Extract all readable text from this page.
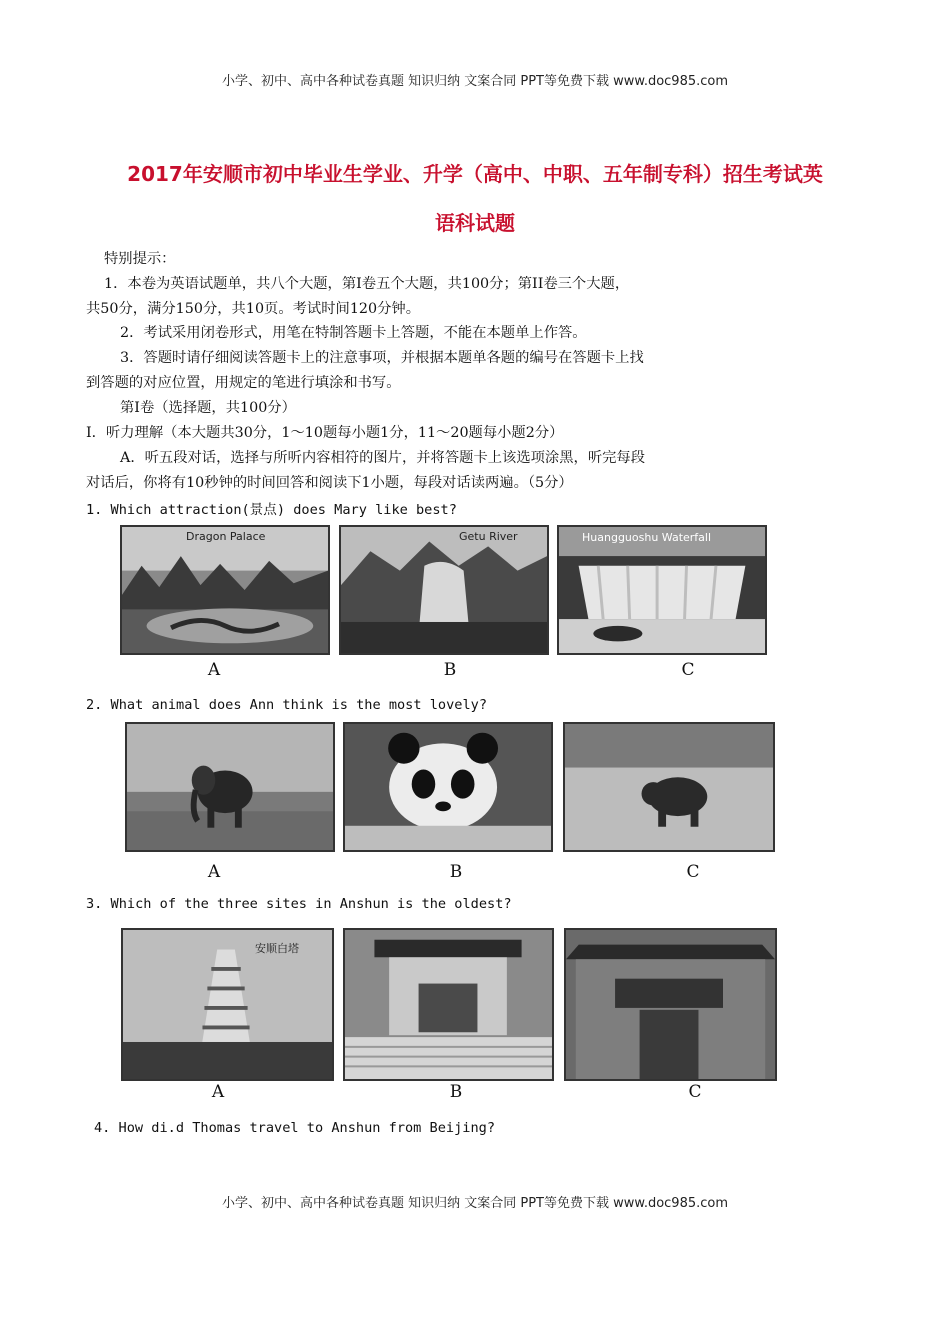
小学、初中、高中各种试卷真题 知识归纳 文案合同 PPT等免费下载 www.doc985.com
2017年安顺市初中毕业生学业、升学（高中、中职、五年制专科）招生考试英
语科试题
特别提示：
1．本卷为英语试题单，共八个大题，第I卷五个大题，共100分；第II卷三个大题，
共50分，满分150分，共10页。考试时间120分钟。
2．考试采用闭卷形式，用笔在特制答题卡上答题，不能在本题单上作答。
3．答题时请仔细阅读答题卡上的注意事项，并根据本题单各题的编号在答题卡上找
到答题的对应位置，用规定的笔进行填涂和书写。
第I卷（选择题，共100分）
I．听力理解（本大题共30分，1～10题每小题1分，11～20题每小题2分）
A．听五段对话，选择与所听内容相符的图片，并将答题卡上该选项涂黑，听完每段
对话后，你将有10秒钟的时间回答和阅读下1小题，每段对话读两遍。（5分）
1. Which attraction(景点) does Mary like best?
Dragon Palace	Getu River	Huangguoshu Waterfall
A	B	C
2. What animal does Ann think is the most lovely?
A	B	C
3. Which of the three sites in Anshun is the oldest?
安顺白塔
A	B	C
4. How di.d Thomas travel to Anshun from Beijing?
小学、初中、高中各种试卷真题 知识归纳 文案合同 PPT等免费下载 www.doc985.com
